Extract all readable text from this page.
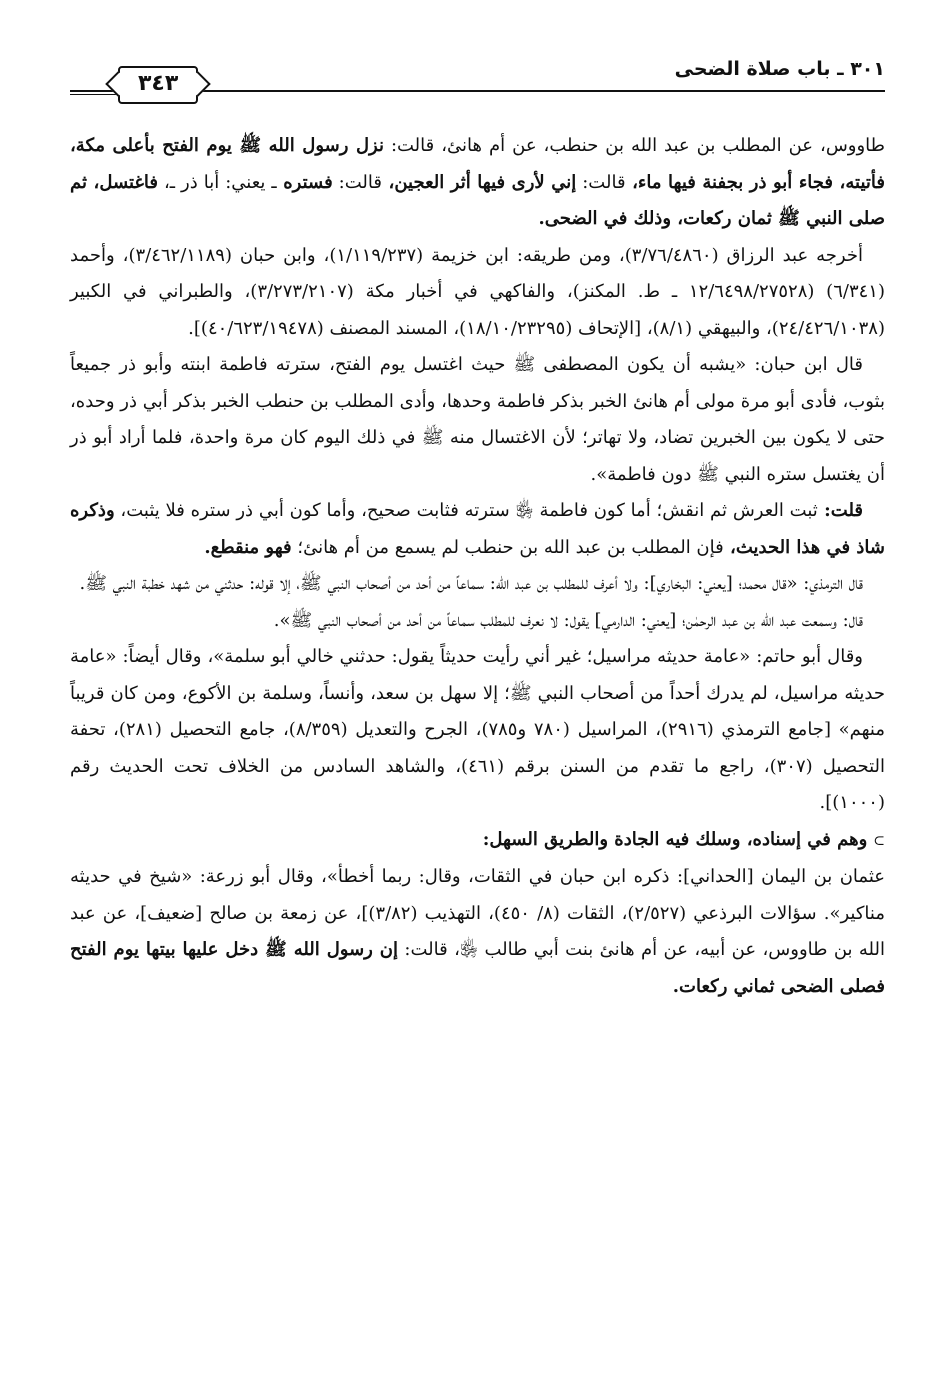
٣٠١ ـ باب صلاة الضحى
٣٤٣

طاووس، عن المطلب بن عبد الله بن حنطب، عن أم هانئ، قالت: نزل رسول الله ﷺ يوم الفتح بأعلى مكة، فأتيته، فجاء أبو ذر بجفنة فيها ماء، قالت: إني لأرى فيها أثر العجين، قالت: فستره ـ يعني: أبا ذر ـ، فاغتسل، ثم صلى النبي ﷺ ثمان ركعات، وذلك في الضحى.

أخرجه عبد الرزاق (٣/٧٦/٤٨٦٠)، ومن طريقه: ابن خزيمة (١/١١٩/٢٣٧)، وابن حبان (٣/٤٦٢/١١٨٩)، وأحمد (٦/٣٤١) (١٢/٦٤٩٨/٢٧٥٢٨ ـ ط. المكنز)، والفاكهي في أخبار مكة (٣/٢٧٣/٢١٠٧)، والطبراني في الكبير (٢٤/٤٢٦/١٠٣٨)، والبيهقي (٨/١)، [الإتحاف (١٨/١٠/٢٣٢٩٥)، المسند المصنف (٤٠/٦٢٣/١٩٤٧٨)].

قال ابن حبان: «يشبه أن يكون المصطفى ﷺ حيث اغتسل يوم الفتح، سترته فاطمة ابنته وأبو ذر جميعاً بثوب، فأدى أبو مرة مولى أم هانئ الخبر بذكر فاطمة وحدها، وأدى المطلب بن حنطب الخبر بذكر أبي ذر وحده، حتى لا يكون بين الخبرين تضاد، ولا تهاتر؛ لأن الاغتسال منه ﷺ في ذلك اليوم كان مرة واحدة، فلما أراد أبو ذر أن يغتسل ستره النبي ﷺ دون فاطمة».

قلت: ثبت العرش ثم انقش؛ أما كون فاطمة ﵂ سترته فثابت صحيح، وأما كون أبي ذر ستره فلا يثبت، وذكره شاذ في هذا الحديث، فإن المطلب بن عبد الله بن حنطب لم يسمع من أم هانئ؛ فهو منقطع.

قال الترمذي: «قال محمد؛ [يعني: البخاري]: ولا أعرف للمطلب بن عبد الله: سماعاً من أحد من أصحاب النبي ﷺ، إلا قوله: حدثني من شهد خطبة النبي ﷺ.

قال: وسمعت عبد الله بن عبد الرحمٰن؛ [يعني: الدارمي] يقول: لا نعرف للمطلب سماعاً من أحد من أصحاب النبي ﷺ».

وقال أبو حاتم: «عامة حديثه مراسيل؛ غير أني رأيت حديثاً يقول: حدثني خالي أبو سلمة»، وقال أيضاً: «عامة حديثه مراسيل، لم يدرك أحداً من أصحاب النبي ﷺ؛ إلا سهل بن سعد، وأنساً، وسلمة بن الأكوع، ومن كان قريباً منهم» [جامع الترمذي (٢٩١٦)، المراسيل (٧٨٠ و٧٨٥)، الجرح والتعديل (٨/٣٥٩)، جامع التحصيل (٢٨١)، تحفة التحصيل (٣٠٧)، راجع ما تقدم من السنن برقم (٤٦١)، والشاهد السادس من الخلاف تحت الحديث رقم (١٠٠٠)].

⊃وهم في إسناده، وسلك فيه الجادة والطريق السهل:

عثمان بن اليمان [الحداني]: ذكره ابن حبان في الثقات، وقال: ربما أخطأ»، وقال أبو زرعة: «شيخ في حديثه مناكير». سؤالات البرذعي (٢/٥٢٧)، الثقات (٨/ ٤٥٠)، التهذيب (٣/٨٢)]، عن زمعة بن صالح [ضعيف]، عن عبد الله بن طاووس، عن أبيه، عن أم هانئ بنت أبي طالب ﵂، قالت: إن رسول الله ﷺ دخل عليها بيتها يوم الفتح فصلى الضحى ثماني ركعات.
